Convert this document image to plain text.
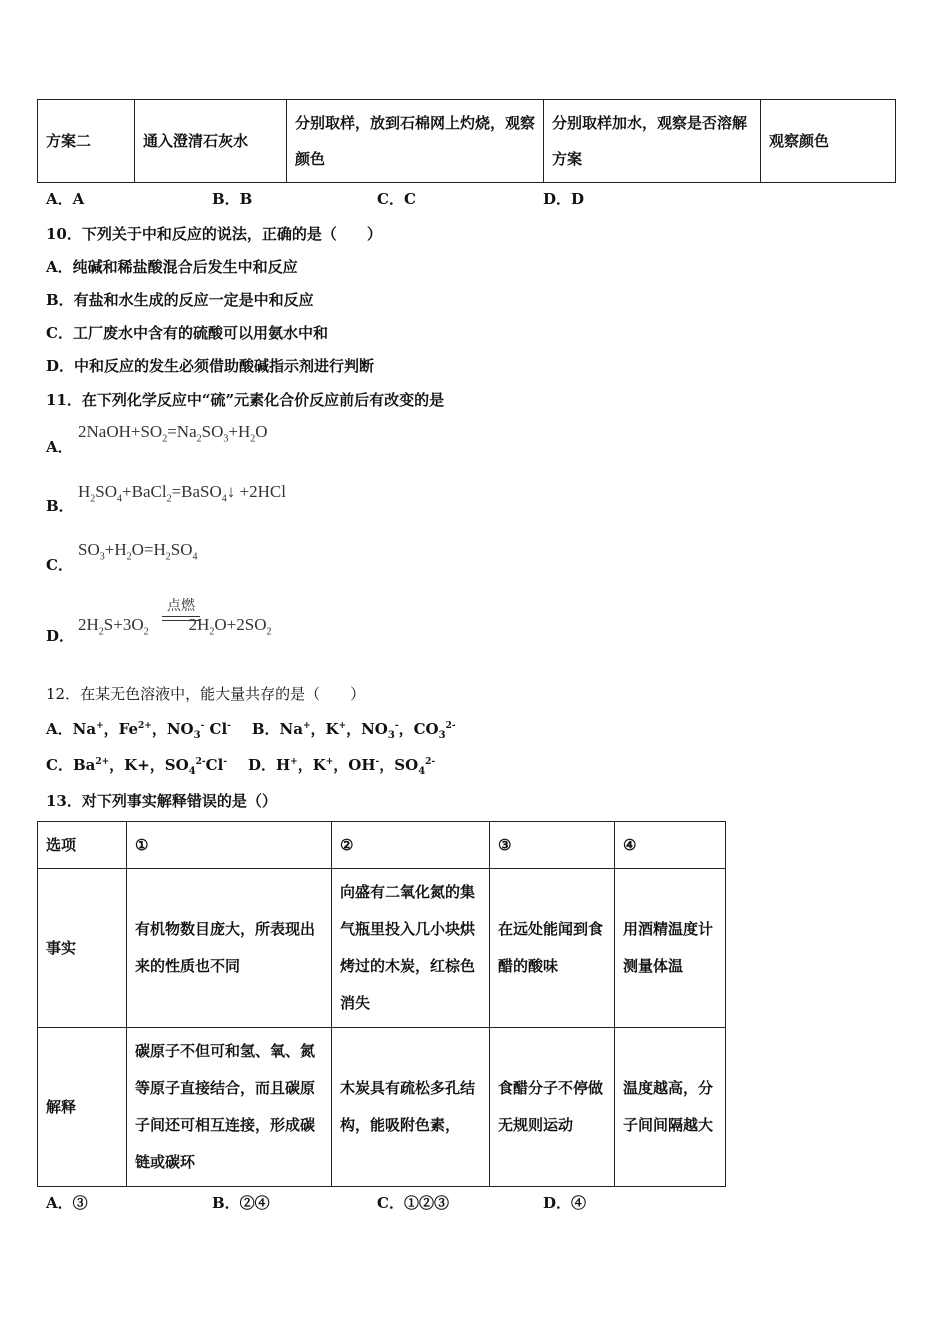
方案二	通入澄清石灰水	分别取样，放到石棉网上灼烧，观察颜色	分别取样加水，观察是否溶解方案	观察颜色
A．A	B．B	C．C	D．D
10．下列关于中和反应的说法，正确的是（　　）
A．纯碱和稀盐酸混合后发生中和反应
B．有盐和水生成的反应一定是中和反应
C．工厂废水中含有的硫酸可以用氨水中和
D．中和反应的发生必须借助酸碱指示剂进行判断
11．在下列化学反应中“硫”元素化合价反应前后有改变的是
A．
$2NaOH+SO_2=Na_2SO_3+H_2O$
B．
$H_2SO_4+BaCl_2=BaSO_4↓ +2HCl$
C．
$SO_3+H_2O=H_2SO_4$
D．
$2H_2S+3O_2$ $2H_2O+2SO_2$
点燃
12．在某无色溶液中，能大量共存的是（　　）
A．Na+，$Fe^{2+}$，$NO_3^-$ Cl- B．Na+，K+，$NO_3^-$，$CO_3^{2-}$
C．$Ba^{2+}$，K+，$SO_4^{2-}Cl^-$ D．H+，K+，OH-，$SO_4^{2-}$
13．对下列事实解释错误的是（）
选项	①	②	③	④
事实	有机物数目庞大，所表现出来的性质也不同	向盛有二氧化氮的集气瓶里投入几小块烘烤过的木炭，红棕色消失	在远处能闻到食醋的酸味	用酒精温度计测量体温
解释	碳原子不但可和氢、氧、氮等原子直接结合，而且碳原子间还可相互连接，形成碳链或碳环	木炭具有疏松多孔结构，能吸附色素，	食醋分子不停做无规则运动	温度越高，分子间间隔越大
A．③	B．②④	C．①②③	D．④
